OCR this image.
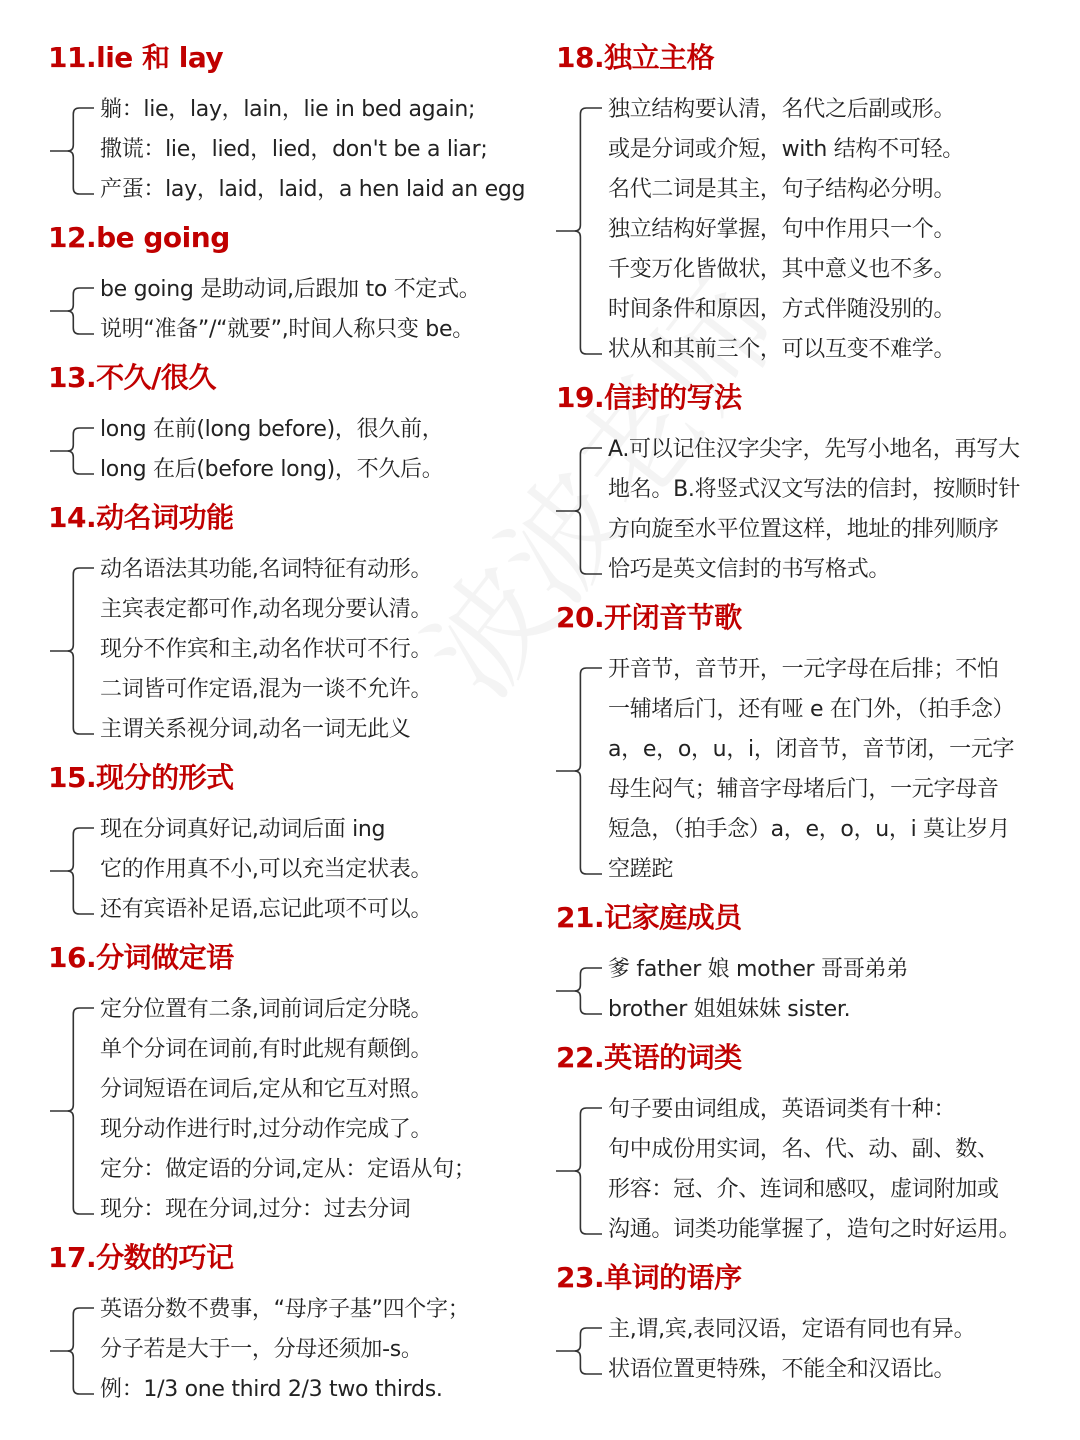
11.lie 和 lay
躺：lie，lay，lain，lie in bed again;
撒谎：lie，lied，lied，don't be a liar;
产蛋：lay，laid，laid，a hen laid an egg
12.be going
be going 是助动词,后跟加 to 不定式。
说明“准备”/“就要”,时间人称只变 be。
13.不久/很久
long 在前(long before)，很久前，
long 在后(before long)，不久后。
14.动名词功能
动名语法其功能,名词特征有动形。
主宾表定都可作,动名现分要认清。
现分不作宾和主,动名作状可不行。
二词皆可作定语,混为一谈不允许。
主谓关系视分词,动名一词无此义
15.现分的形式
现在分词真好记,动词后面 ing
它的作用真不小,可以充当定状表。
还有宾语补足语,忘记此项不可以。
16.分词做定语
定分位置有二条,词前词后定分晓。
单个分词在词前,有时此规有颠倒。
分词短语在词后,定从和它互对照。
现分动作进行时,过分动作完成了。
定分：做定语的分词,定从：定语从句；
现分：现在分词,过分：过去分词
17.分数的巧记
英语分数不费事，“母序子基”四个字；
分子若是大于一，分母还须加-s。
例：1/3 one third 2/3 two thirds.
18.独立主格
独立结构要认清，名代之后副或形。
或是分词或介短，with 结构不可轻。
名代二词是其主，句子结构必分明。
独立结构好掌握，句中作用只一个。
千变万化皆做状，其中意义也不多。
时间条件和原因，方式伴随没别的。
状从和其前三个，可以互变不难学。
19.信封的写法
A.可以记住汉字尖字，先写小地名，再写大
地名。B.将竖式汉文写法的信封，按顺时针
方向旋至水平位置这样，地址的排列顺序
恰巧是英文信封的书写格式。
20.开闭音节歌
开音节，音节开，一元字母在后排；不怕
一辅堵后门，还有哑 e 在门外，（拍手念）
a，e，o，u，i，闭音节，音节闭，一元字
母生闷气；辅音字母堵后门，一元字母音
短急，（拍手念）a，e，o，u，i 莫让岁月
空蹉跎
21.记家庭成员
爹 father 娘 mother 哥哥弟弟
brother 姐姐妹妹 sister.
22.英语的词类
句子要由词组成，英语词类有十种：
句中成份用实词，名、代、动、副、数、
形容：冠、介、连词和感叹，虚词附加或
沟通。词类功能掌握了，造句之时好运用。
23.单词的语序
主,谓,宾,表同汉语，定语有同也有异。
状语位置更特殊，不能全和汉语比。
